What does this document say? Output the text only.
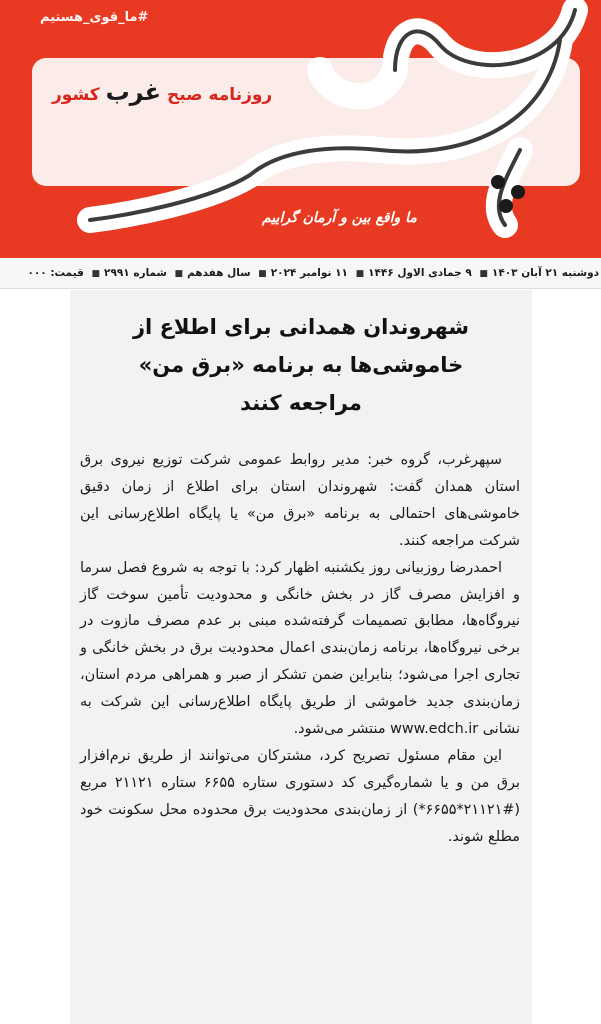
#ما_قوی_هستیم
روزنامه صبح غرب کشور
ما واقع بین و آرمان گراییم
دوشنبه ۲۱ آبان ۱۴۰۳■ ۹ جمادی الاول ۱۴۴۶■ ۱۱ نوامبر ۲۰۲۴■ سال هفدهم■ شماره ۲۹۹۱■ قیمت: ۰۰۰
شهروندان همدانی برای اطلاع از
خاموشی‌ها به برنامه «برق من»
مراجعه کنند

سپهرغرب، گروه خبر: مدیر روابط عمومی شرکت توزیع نیروی برق استان همدان گفت: شهروندان استان برای اطلاع از زمان دقیق خاموشی‌های احتمالی به برنامه «برق من» یا پایگاه اطلاع‌رسانی این شرکت مراجعه کنند.

احمدرضا روزبیانی روز یکشنبه اظهار کرد: با توجه به شروع فصل سرما و افزایش مصرف گاز در بخش خانگی و محدودیت تأمین سوخت گاز نیروگاه‌ها، مطابق تصمیمات گرفته‌شده مبنی بر عدم مصرف مازوت در برخی نیروگاه‌ها، برنامه زمان‌بندی اعمال محدودیت برق در بخش خانگی و تجاری اجرا می‌شود؛ بنابراین ضمن تشکر از صبر و همراهی مردم استان، زمان‌بندی جدید خاموشی از طریق پایگاه اطلاع‌رسانی این شرکت به نشانی www.edch.ir منتشر می‌شود.

این مقام مسئول تصریح کرد، مشترکان می‌توانند از طریق نرم‌افزار برق من و یا شماره‌گیری کد دستوری ستاره ۶۶۵۵ ستاره ۲۱۱۲۱ مربع (#۲۱۱۲۱*۶۶۵۵*) از زمان‌بندی محدودیت برق محدوده محل سکونت خود مطلع شوند.
